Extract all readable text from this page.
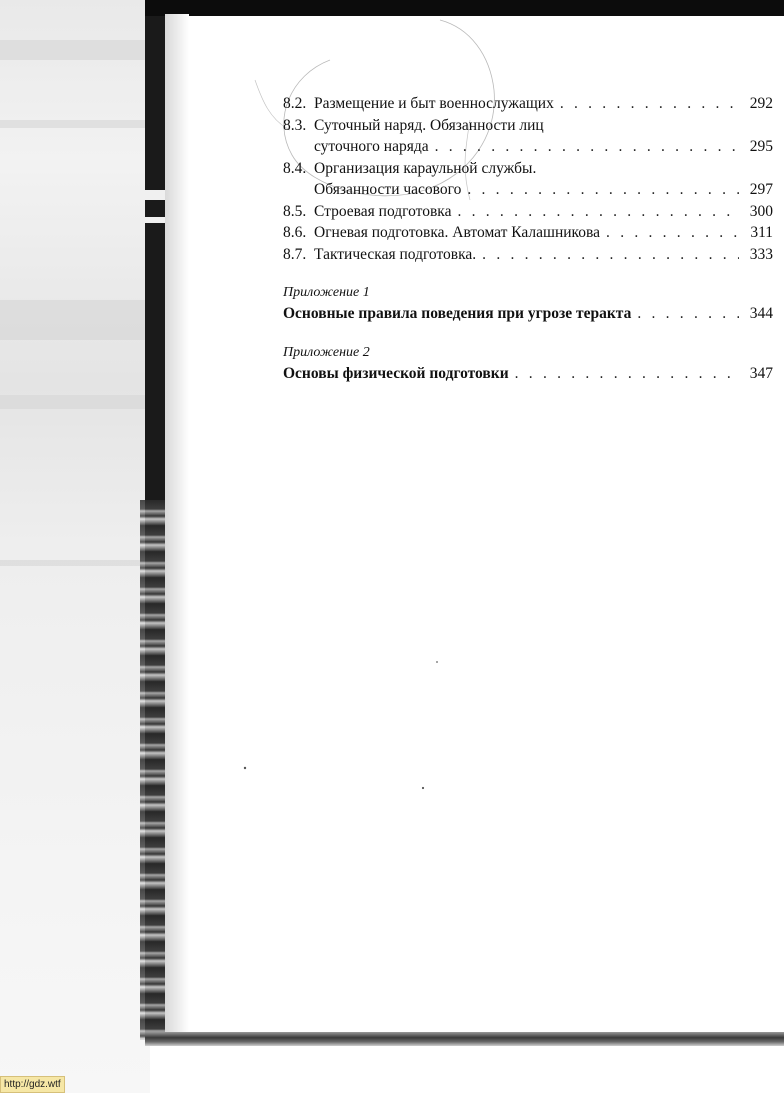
8.2. Размещение и быт военнослужащих . . .	292
8.3. Суточный наряд. Обязанности лиц
суточного наряда . . .	295
8.4. Организация караульной службы.
Обязанности часового . . .	297
8.5. Строевая подготовка . . .	300
8.6. Огневая подготовка. Автомат Калашникова . . .	311
8.7. Тактическая подготовка. . . .	333
Приложение 1
Основные правила поведения при угрозе теракта . . .	344
Приложение 2
Основы физической подготовки . . .	347
http://gdz.wtf
